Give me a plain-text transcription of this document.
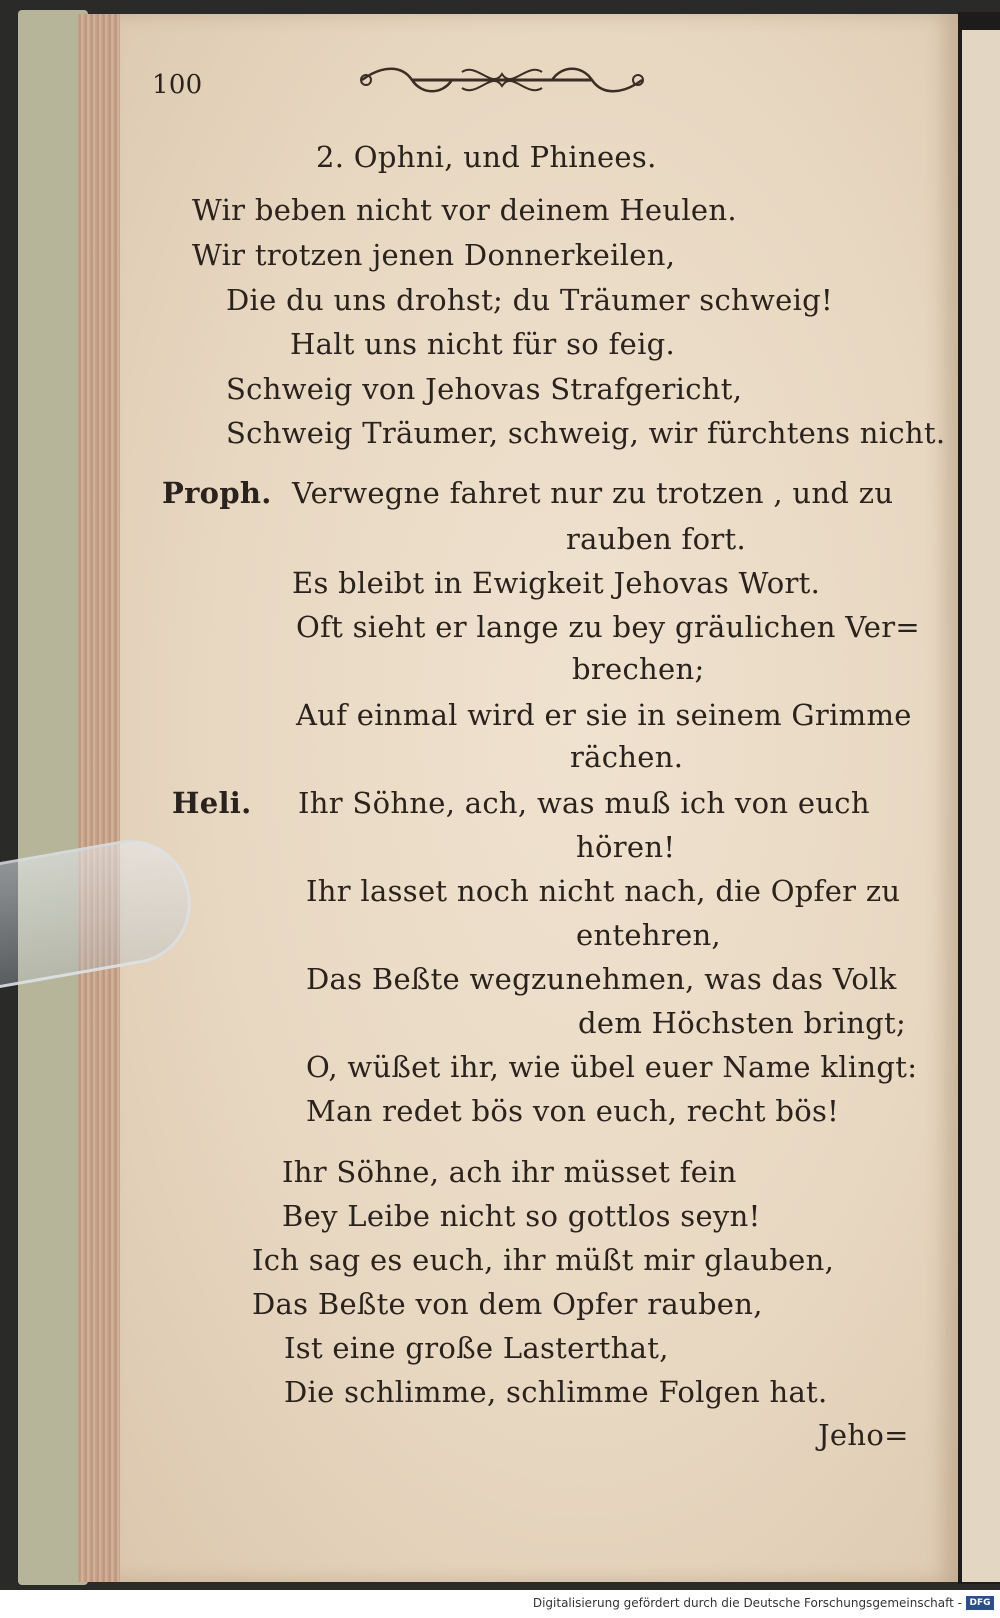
100
2. Ophni, und Phinees.
Wir beben nicht vor deinem Heulen.
Wir trotzen jenen Donnerkeilen,
Die du uns drohst; du Träumer schweig!
Halt uns nicht für so feig.
Schweig von Jehovas Strafgericht,
Schweig Träumer, schweig, wir fürchtens nicht.
Proph. Verwegne fahret nur zu trotzen , und zu
rauben fort.
Es bleibt in Ewigkeit Jehovas Wort.
Oft sieht er lange zu bey gräulichen Ver=
brechen;
Auf einmal wird er sie in seinem Grimme
rächen.
Heli. Ihr Söhne, ach, was muß ich von euch
hören!
Ihr lasset noch nicht nach, die Opfer zu
entehren,
Das Beßte wegzunehmen, was das Volk
dem Höchsten bringt;
O, wüßet ihr, wie übel euer Name klingt:
Man redet bös von euch, recht bös!
Ihr Söhne, ach ihr müsset fein
Bey Leibe nicht so gottlos seyn!
Ich sag es euch, ihr müßt mir glauben,
Das Beßte von dem Opfer rauben,
Ist eine große Lasterthat,
Die schlimme, schlimme Folgen hat.
Jeho=
Digitalisierung gefördert durch die Deutsche Forschungsgemeinschaft - DFG
